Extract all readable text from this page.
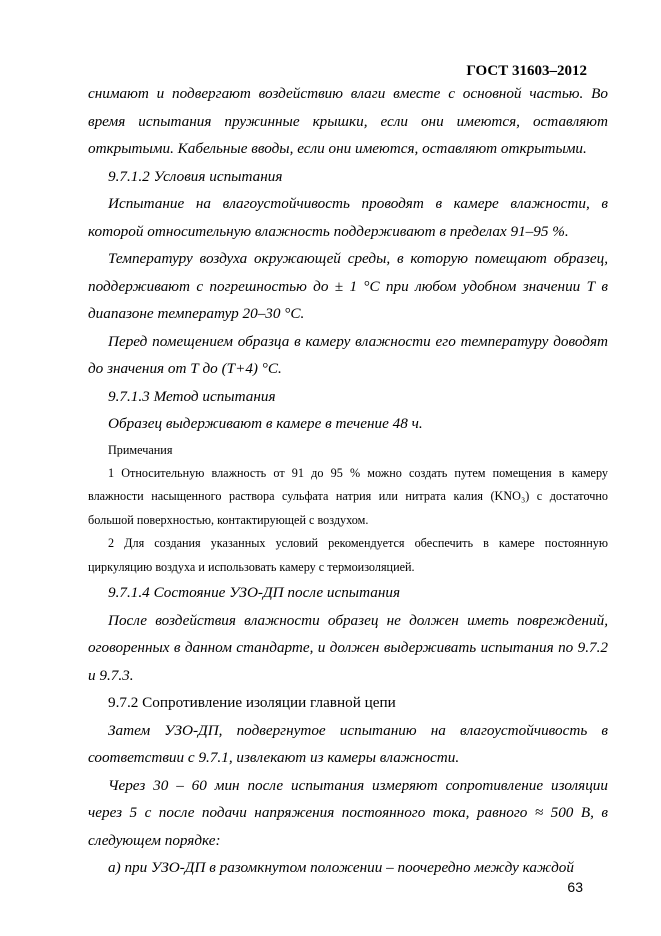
ГОСТ 31603–2012

снимают и подвергают воздействию влаги вместе с основной частью. Во время испытания пружинные крышки, если они имеются, оставляют открытыми. Кабельные вводы, если они имеются, оставляют открытыми.

9.7.1.2 Условия испытания

Испытание на влагоустойчивость проводят в камере влажности, в которой относительную влажность поддерживают в пределах 91–95 %.

Температуру воздуха окружающей среды, в которую помещают образец, поддерживают с погрешностью до ± 1 °С при любом удобном значении Т в диапазоне температур 20–30 °С.

Перед помещением образца в камеру влажности его температуру доводят до значения от Т до (Т+4) °С.

9.7.1.3 Метод испытания

Образец выдерживают в камере в течение 48 ч.

Примечания

1 Относительную влажность от 91 до 95 % можно создать путем помещения в камеру влажности насыщенного раствора сульфата натрия или нитрата калия (KNO₃) с достаточно большой поверхностью, контактирующей с воздухом.

2 Для создания указанных условий рекомендуется обеспечить в камере постоянную циркуляцию воздуха и использовать камеру с термоизоляцией.

9.7.1.4 Состояние УЗО-ДП после испытания

После воздействия влажности образец не должен иметь повреждений, оговоренных в данном стандарте, и должен выдерживать испытания по 9.7.2 и 9.7.3.

9.7.2 Сопротивление изоляции главной цепи

Затем УЗО-ДП, подвергнутое испытанию на влагоустойчивость в соответствии с 9.7.1, извлекают из камеры влажности.

Через 30 – 60 мин после испытания измеряют сопротивление изоляции через 5 с после подачи напряжения постоянного тока, равного ≈ 500 В, в следующем порядке:

а) при УЗО-ДП в разомкнутом положении – поочередно между каждой

63
